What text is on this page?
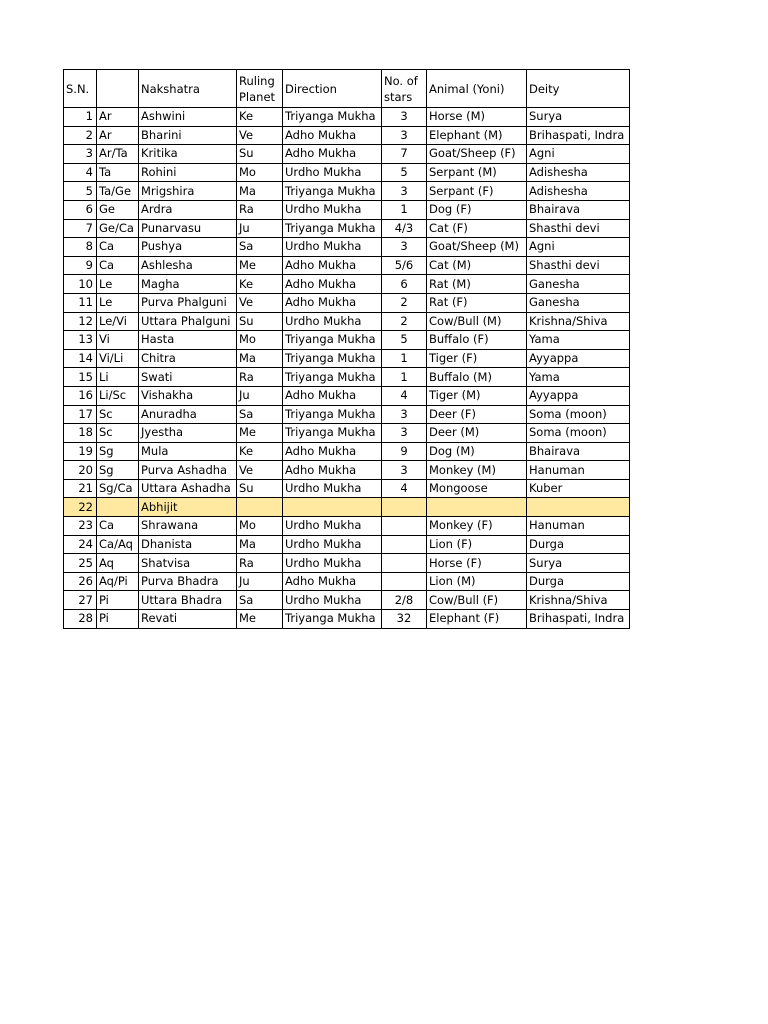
S.N.		Nakshatra	Ruling Planet	Direction	No. of stars	Animal (Yoni)	Deity
1	Ar	Ashwini	Ke	Triyanga Mukha	3	Horse (M)	Surya
2	Ar	Bharini	Ve	Adho Mukha	3	Elephant (M)	Brihaspati, Indra
3	Ar/Ta	Kritika	Su	Adho Mukha	7	Goat/Sheep (F)	Agni
4	Ta	Rohini	Mo	Urdho Mukha	5	Serpant (M)	Adishesha
5	Ta/Ge	Mrigshira	Ma	Triyanga Mukha	3	Serpant (F)	Adishesha
6	Ge	Ardra	Ra	Urdho Mukha	1	Dog (F)	Bhairava
7	Ge/Ca	Punarvasu	Ju	Triyanga Mukha	4/3	Cat (F)	Shasthi devi
8	Ca	Pushya	Sa	Urdho Mukha	3	Goat/Sheep (M)	Agni
9	Ca	Ashlesha	Me	Adho Mukha	5/6	Cat (M)	Shasthi devi
10	Le	Magha	Ke	Adho Mukha	6	Rat (M)	Ganesha
11	Le	Purva Phalguni	Ve	Adho Mukha	2	Rat (F)	Ganesha
12	Le/Vi	Uttara Phalguni	Su	Urdho Mukha	2	Cow/Bull (M)	Krishna/Shiva
13	Vi	Hasta	Mo	Triyanga Mukha	5	Buffalo (F)	Yama
14	Vi/Li	Chitra	Ma	Triyanga Mukha	1	Tiger (F)	Ayyappa
15	Li	Swati	Ra	Triyanga Mukha	1	Buffalo (M)	Yama
16	Li/Sc	Vishakha	Ju	Adho Mukha	4	Tiger (M)	Ayyappa
17	Sc	Anuradha	Sa	Triyanga Mukha	3	Deer (F)	Soma (moon)
18	Sc	Jyestha	Me	Triyanga Mukha	3	Deer (M)	Soma (moon)
19	Sg	Mula	Ke	Adho Mukha	9	Dog (M)	Bhairava
20	Sg	Purva Ashadha	Ve	Adho Mukha	3	Monkey (M)	Hanuman
21	Sg/Ca	Uttara Ashadha	Su	Urdho Mukha	4	Mongoose	Kuber
22		Abhijit					
23	Ca	Shrawana	Mo	Urdho Mukha		Monkey (F)	Hanuman
24	Ca/Aq	Dhanista	Ma	Urdho Mukha		Lion (F)	Durga
25	Aq	Shatvisa	Ra	Urdho Mukha		Horse (F)	Surya
26	Aq/Pi	Purva Bhadra	Ju	Adho Mukha		Lion (M)	Durga
27	Pi	Uttara Bhadra	Sa	Urdho Mukha	2/8	Cow/Bull (F)	Krishna/Shiva
28	Pi	Revati	Me	Triyanga Mukha	32	Elephant (F)	Brihaspati, Indra
